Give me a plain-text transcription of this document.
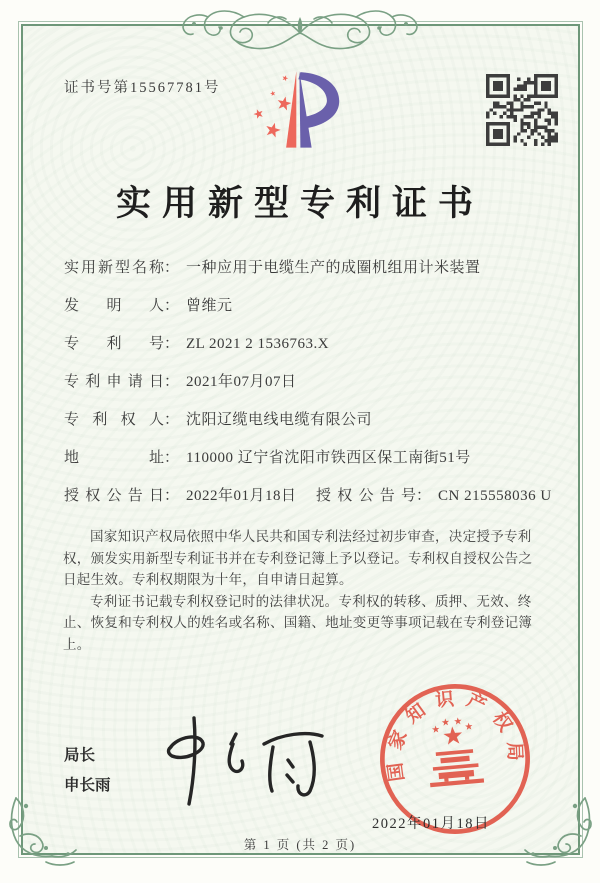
证书号第15567781号
实用新型专利证书
实用新型名称： 一种应用于电缆生产的成圈机组用计米装置
发明人： 曾维元
专利号： ZL 2021 2 1536763.X
专利申请日： 2021年07月07日
专利权人： 沈阳辽缆电线电缆有限公司
地址： 110000 辽宁省沈阳市铁西区保工南街51号
授权公告日： 2022年01月18日 授权公告号： CN 215558036 U

国家知识产权局依照中华人民共和国专利法经过初步审查，决定授予专利权，颁发实用新型专利证书并在专利登记簿上予以登记。专利权自授权公告之日起生效。专利权期限为十年，自申请日起算。

专利证书记载专利权登记时的法律状况。专利权的转移、质押、无效、终止、恢复和专利权人的姓名或名称、国籍、地址变更等事项记载在专利登记簿上。

局长
申长雨
国家知识产权局
2022年01月18日
第 1 页 (共 2 页)
